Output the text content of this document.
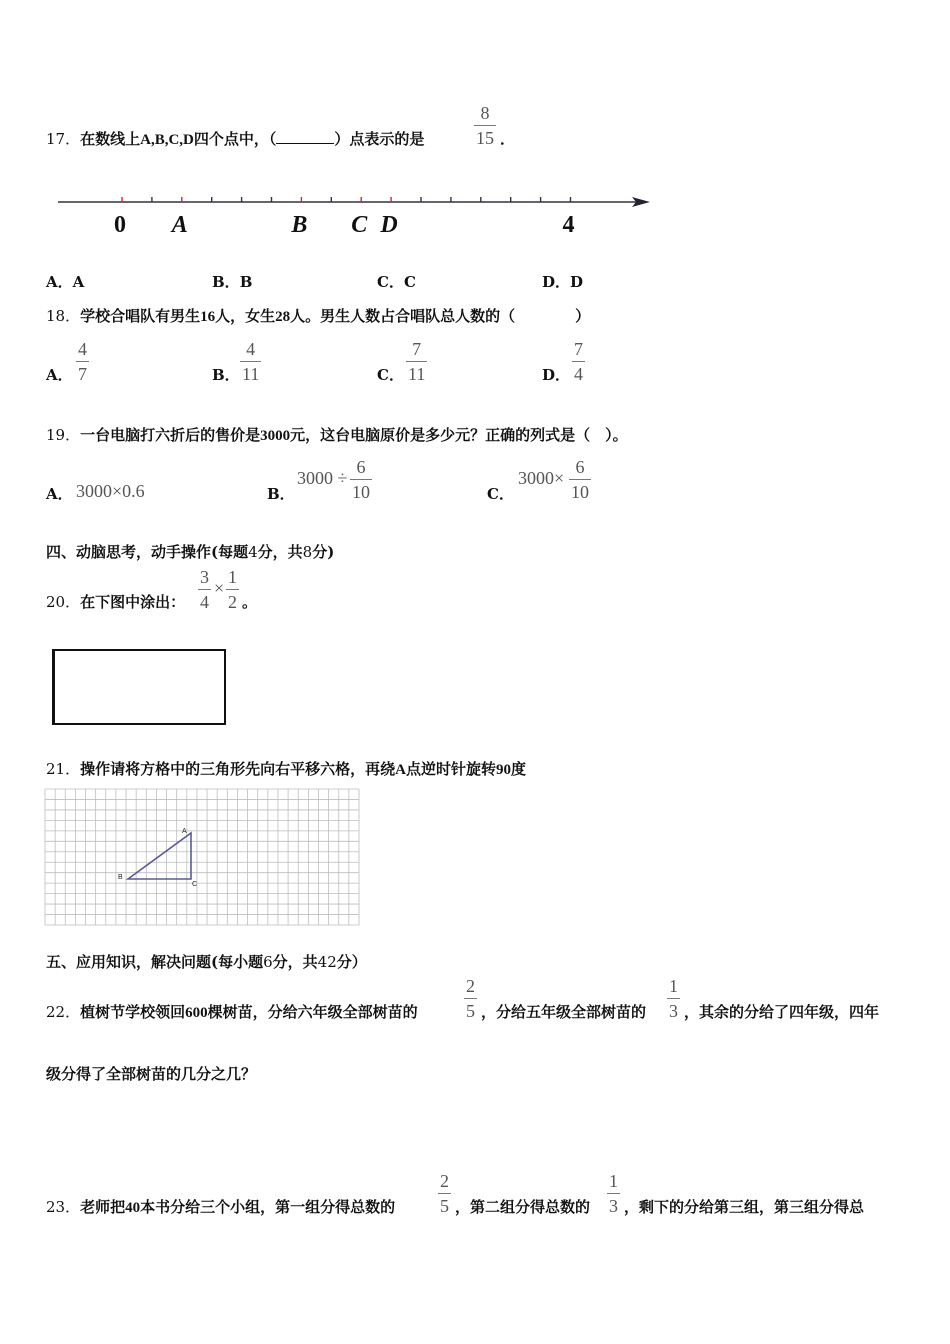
17．在数线上A,B,C,D四个点中，（	）点表示的是	$\frac{8}{15}$ ．
0 A	B C D	4
A．A	B．B	C．C	D．D
18．学校合唱队有男生16人，女生28人。男生人数占合唱队总人数的（	）
A． $\frac{4}{7}$	B． $\frac{4}{11}$	C． $\frac{7}{11}$	D． $\frac{7}{4}$
19．一台电脑打六折后的售价是3000元，这台电脑原价是多少元？正确的列式是（　）。
A． 3000×0.6	B．
$3000 \div \frac{6}{10}$	C．
$3000\times \frac{6}{10}$
四、动脑思考，动手操作(每题4分，共8分)
20．在下图中涂出： $\frac{3}{4} \times \frac{1}{2}$ 。
21．操作请将方格中的三角形先向右平移六格，再绕A点逆时针旋转90度
A
B
C
五、应用知识，解决问题(每小题6分，共42分）
22．植树节学校领回600棵树苗，分给六年级全部树苗的	$\frac{2}{5}$ ，分给五年级全部树苗的 $\frac{1}{3}$ ，其余的分给了四年级，四年
级分得了全部树苗的几分之几？
23．老师把40本书分给三个小组，第一组分得总数的 $\frac{2}{5}$ ，第二组分得总数的 $\frac{1}{3}$ ，剩下的分给第三组，第三组分得总
